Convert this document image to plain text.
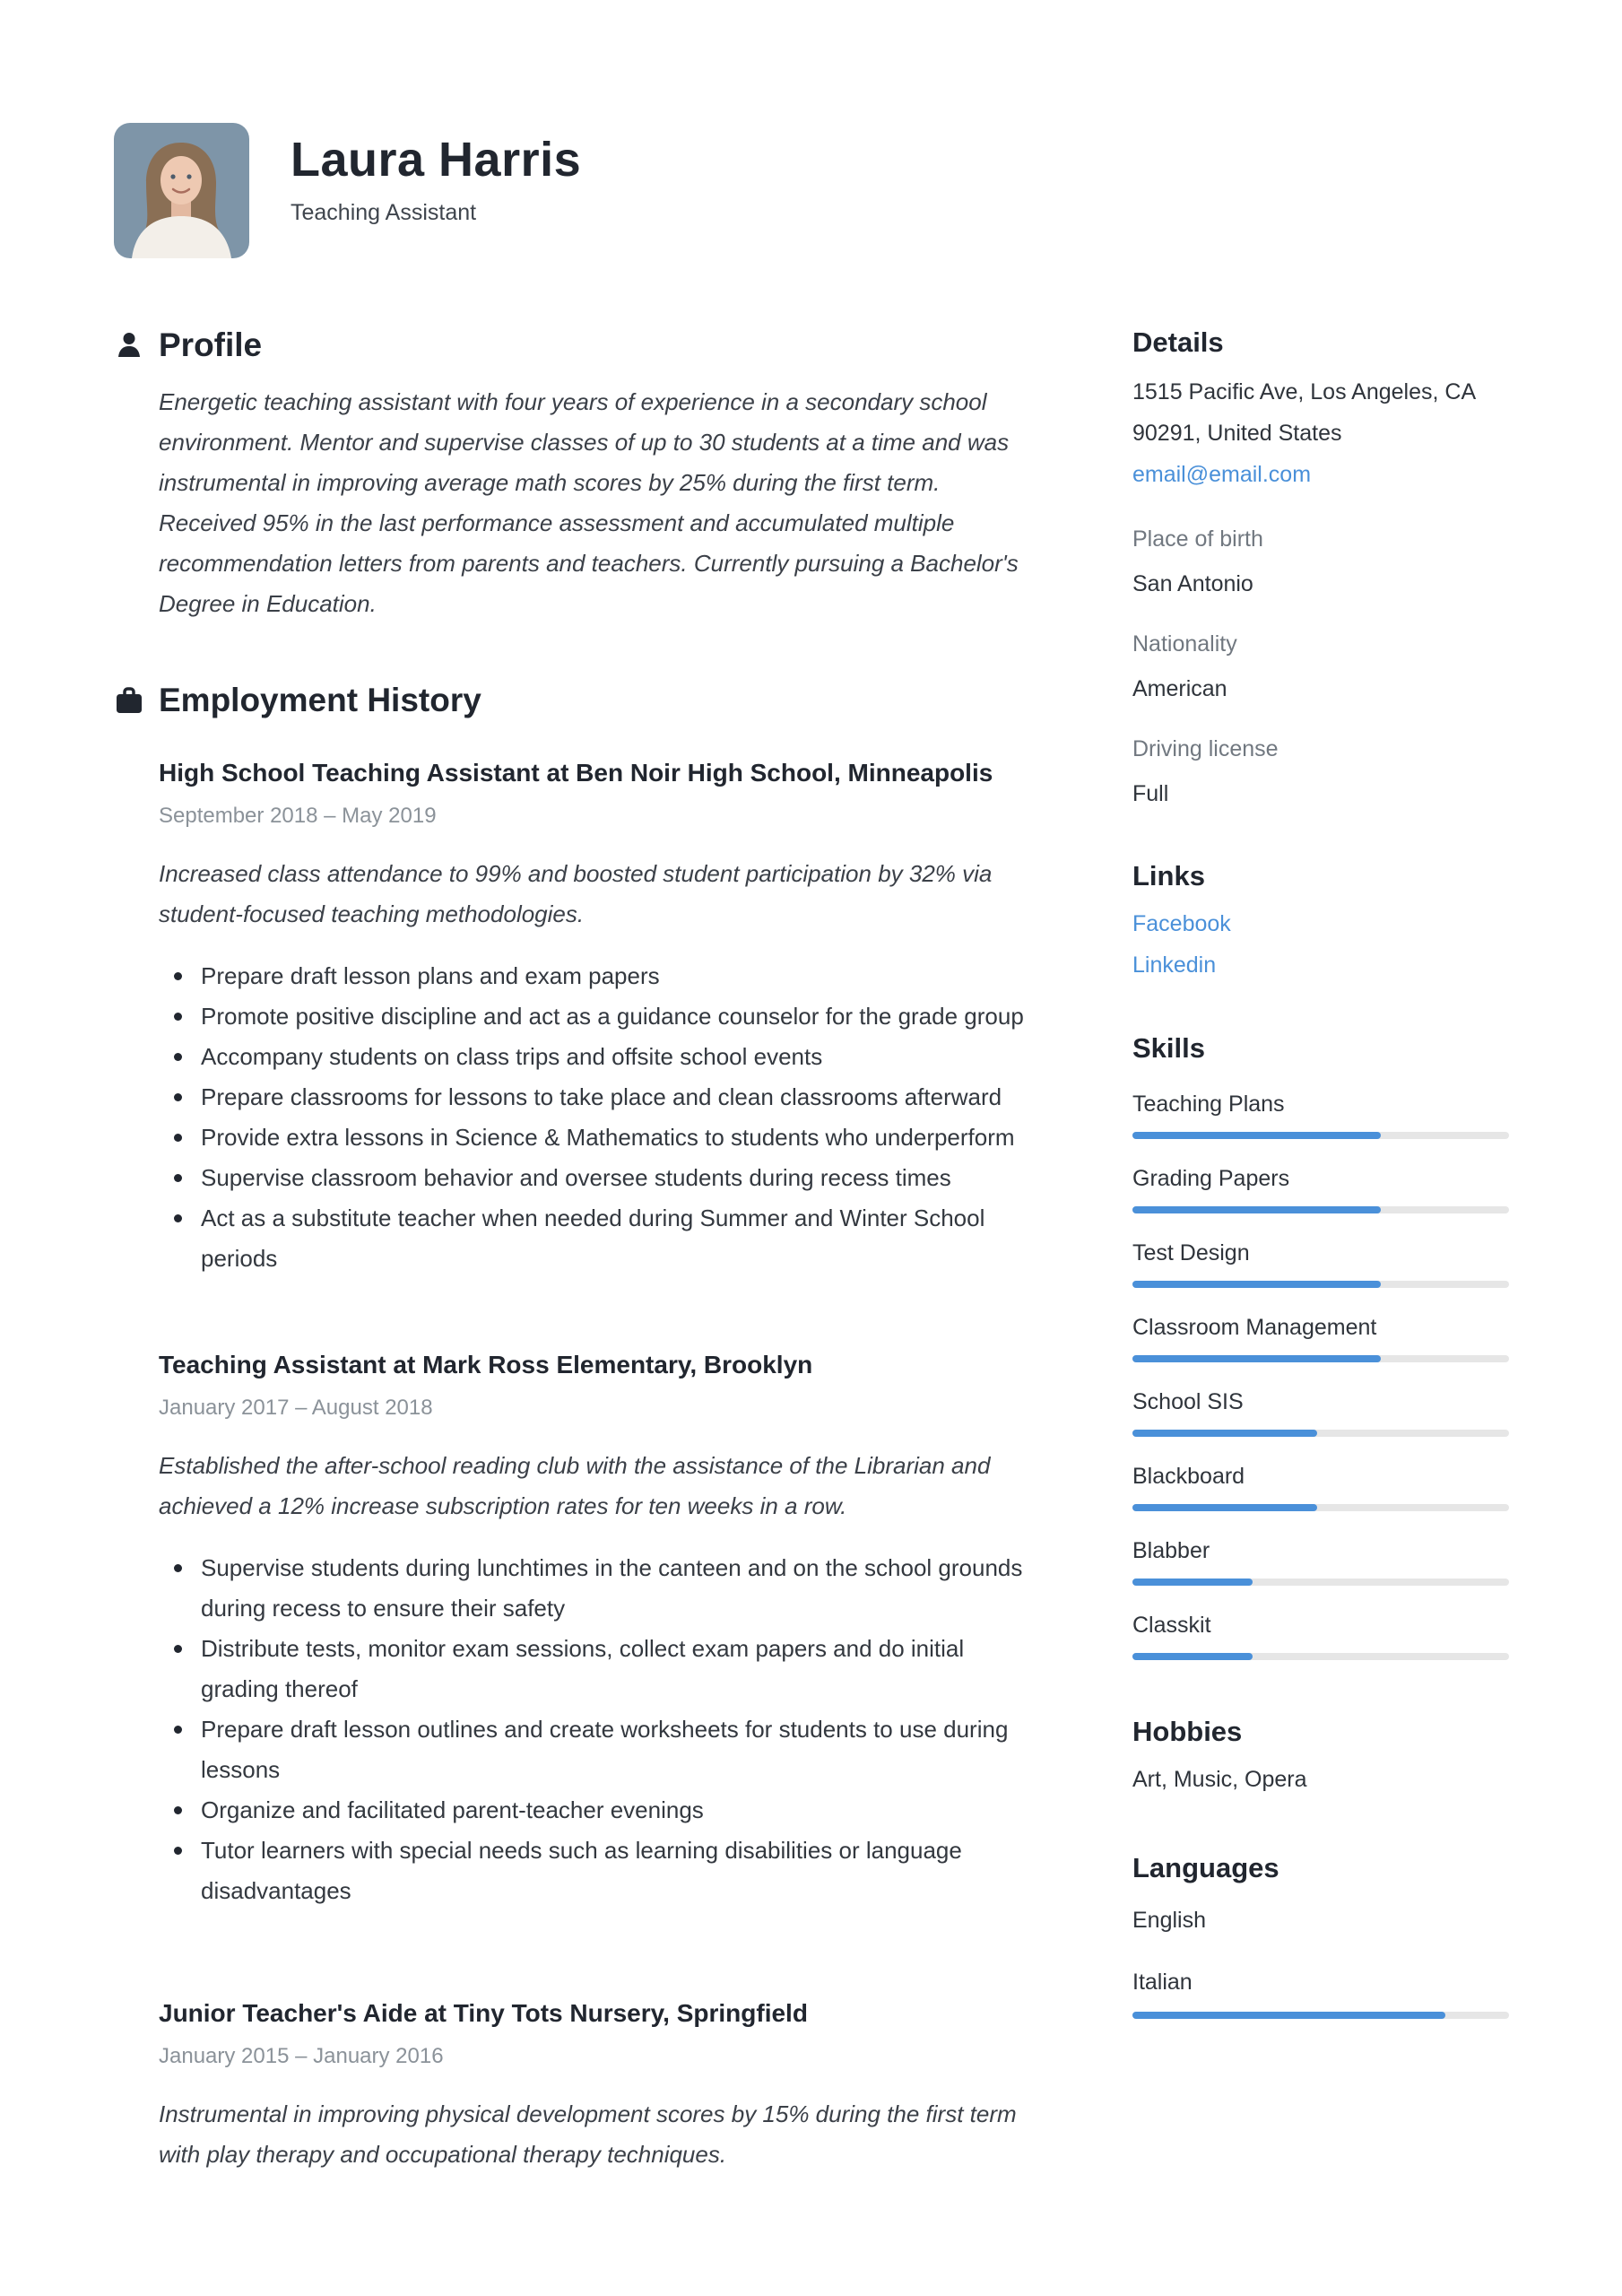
Laura Harris
Teaching Assistant
Profile

Energetic teaching assistant with four years of experience in a secondary school environment. Mentor and supervise classes of up to 30 students at a time and was instrumental in improving average math scores by 25% during the first term. Received 95% in the last performance assessment and accumulated multiple recommendation letters from parents and teachers. Currently pursuing a Bachelor's Degree in Education.

Employment History
High School Teaching Assistant at Ben Noir High School, Minneapolis
September 2018 – May 2019

Increased class attendance to 99% and boosted student participation by 32% via student-focused teaching methodologies.

Prepare draft lesson plans and exam papers
Promote positive discipline and act as a guidance counselor for the grade group
Accompany students on class trips and offsite school events
Prepare classrooms for lessons to take place and clean classrooms afterward
Provide extra lessons in Science & Mathematics to students who underperform
Supervise classroom behavior and oversee students during recess times
Act as a substitute teacher when needed during Summer and Winter School periods
Teaching Assistant at Mark Ross Elementary, Brooklyn
January 2017 – August 2018

Established the after-school reading club with the assistance of the Librarian and achieved a 12% increase subscription rates for ten weeks in a row.

Supervise students during lunchtimes in the canteen and on the school grounds during recess to ensure their safety
Distribute tests, monitor exam sessions, collect exam papers and do initial grading thereof
Prepare draft lesson outlines and create worksheets for students to use during lessons
Organize and facilitated parent-teacher evenings
Tutor learners with special needs such as learning disabilities or language disadvantages
Junior Teacher's Aide at Tiny Tots Nursery, Springfield
January 2015 – January 2016

Instrumental in improving physical development scores by 15% during the first term with play therapy and occupational therapy techniques.

Details
1515 Pacific Ave, Los Angeles, CA
90291, United States
email@email.com
Place of birth
San Antonio
Nationality
American
Driving license
Full
Links
Facebook
Linkedin
Skills
Teaching Plans
Grading Papers
Test Design
Classroom Management
School SIS
Blackboard
Blabber
Classkit
Hobbies
Art, Music, Opera
Languages
English
Italian
